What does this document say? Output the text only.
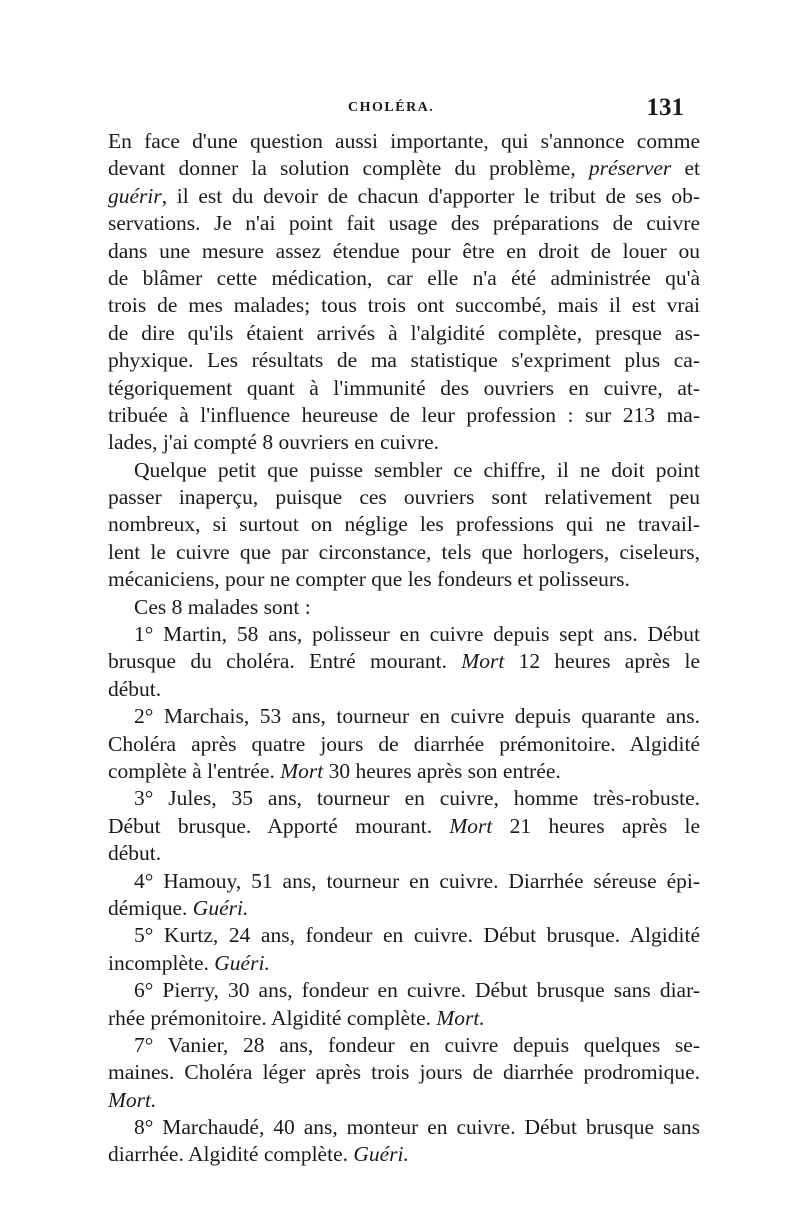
CHOLÉRA.	131
En face d'une question aussi importante, qui s'annonce comme
devant donner la solution complète du problème, préserver et
guérir, il est du devoir de chacun d'apporter le tribut de ses ob-
servations. Je n'ai point fait usage des préparations de cuivre
dans une mesure assez étendue pour être en droit de louer ou
de blâmer cette médication, car elle n'a été administrée qu'à
trois de mes malades; tous trois ont succombé, mais il est vrai
de dire qu'ils étaient arrivés à l'algidité complète, presque as-
phyxique. Les résultats de ma statistique s'expriment plus ca-
tégoriquement quant à l'immunité des ouvriers en cuivre, at-
tribuée à l'influence heureuse de leur profession : sur 213 ma-
lades, j'ai compté 8 ouvriers en cuivre.
Quelque petit que puisse sembler ce chiffre, il ne doit point
passer inaperçu, puisque ces ouvriers sont relativement peu
nombreux, si surtout on néglige les professions qui ne travail-
lent le cuivre que par circonstance, tels que horlogers, ciseleurs,
mécaniciens, pour ne compter que les fondeurs et polisseurs.
Ces 8 malades sont :
1° Martin, 58 ans, polisseur en cuivre depuis sept ans. Début
brusque du choléra. Entré mourant. Mort 12 heures après le
début.
2° Marchais, 53 ans, tourneur en cuivre depuis quarante ans.
Choléra après quatre jours de diarrhée prémonitoire. Algidité
complète à l'entrée. Mort 30 heures après son entrée.
3° Jules, 35 ans, tourneur en cuivre, homme très-robuste.
Début brusque. Apporté mourant. Mort 21 heures après le
début.
4° Hamouy, 51 ans, tourneur en cuivre. Diarrhée séreuse épi-
démique. Guéri.
5° Kurtz, 24 ans, fondeur en cuivre. Début brusque. Algidité
incomplète. Guéri.
6° Pierry, 30 ans, fondeur en cuivre. Début brusque sans diar-
rhée prémonitoire. Algidité complète. Mort.
7° Vanier, 28 ans, fondeur en cuivre depuis quelques se-
maines. Choléra léger après trois jours de diarrhée prodromique.
Mort.
8° Marchaudé, 40 ans, monteur en cuivre. Début brusque sans
diarrhée. Algidité complète. Guéri.
